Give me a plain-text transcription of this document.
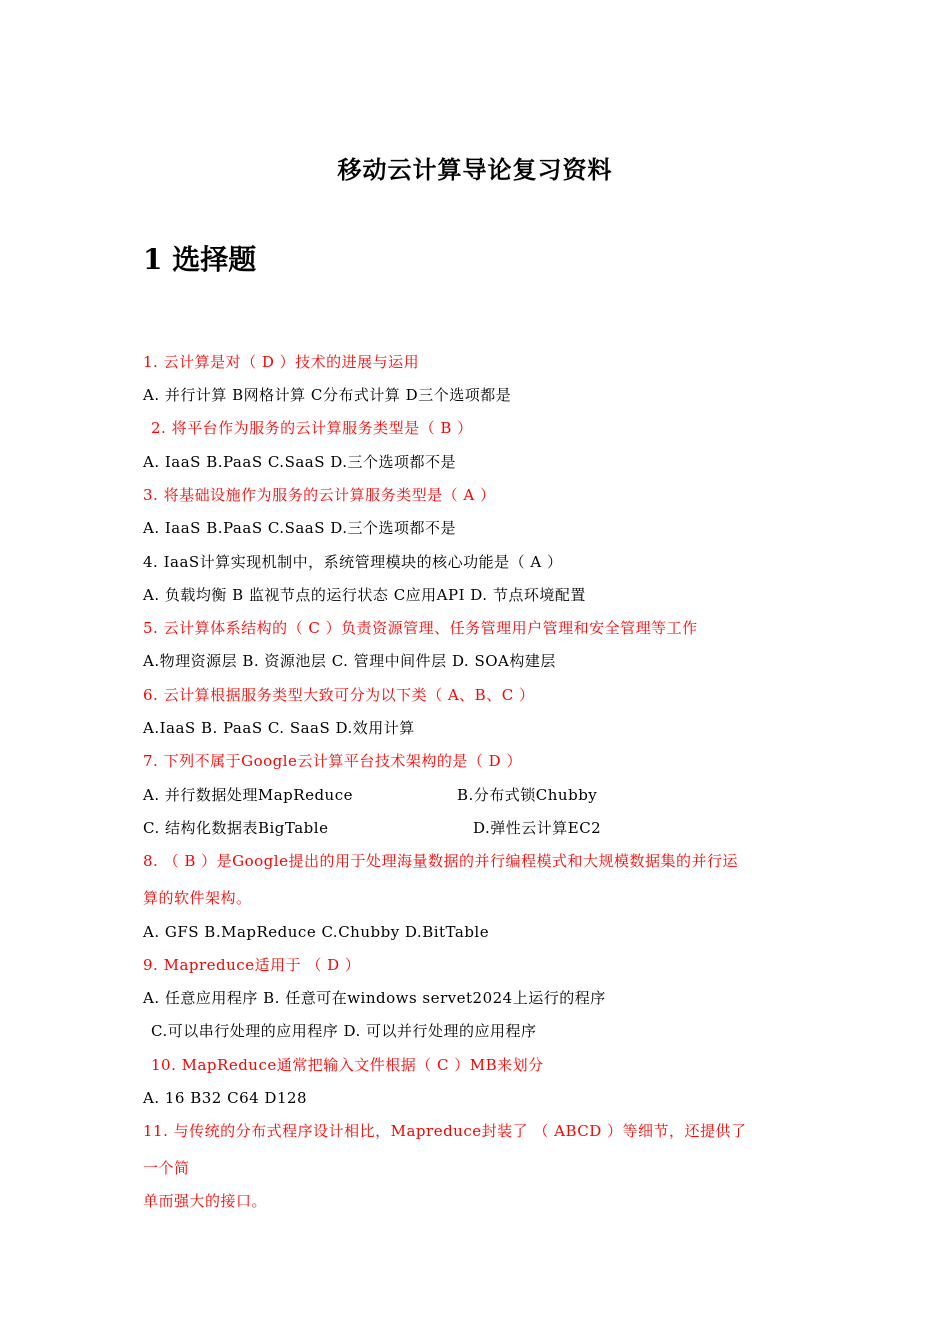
移动云计算导论复习资料
1 选择题
1. 云计算是对（ D ）技术的进展与运用
A. 并行计算 B网格计算 C分布式计算 D三个选项都是
2. 将平台作为服务的云计算服务类型是（ B ）
A. IaaS B.PaaS C.SaaS D.三个选项都不是
3. 将基础设施作为服务的云计算服务类型是（ A ）
A. IaaS B.PaaS C.SaaS D.三个选项都不是
4. IaaS计算实现机制中，系统管理模块的核心功能是（ A ）
A. 负载均衡 B 监视节点的运行状态 C应用API D. 节点环境配置
5. 云计算体系结构的（ C ）负责资源管理、任务管理用户管理和安全管理等工作
A.物理资源层 B. 资源池层 C. 管理中间件层 D. SOA构建层
6. 云计算根据服务类型大致可分为以下类（ A、B、C ）
A.IaaS B. PaaS C. SaaS D.效用计算
7. 下列不属于Google云计算平台技术架构的是（ D ）
A. 并行数据处理MapReduce	B.分布式锁Chubby
C. 结构化数据表BigTable	D.弹性云计算EC2
8. （ B ）是Google提出的用于处理海量数据的并行编程模式和大规模数据集的并行运
算的软件架构。
A. GFS B.MapReduce C.Chubby D.BitTable
9. Mapreduce适用于 （ D ）
A. 任意应用程序 B. 任意可在windows servet2024上运行的程序
C.可以串行处理的应用程序 D. 可以并行处理的应用程序
10. MapReduce通常把输入文件根据（ C ）MB来划分
A. 16 B32 C64 D128
11. 与传统的分布式程序设计相比，Mapreduce封装了 （ ABCD ）等细节，还提供了
一个简
单而强大的接口。
